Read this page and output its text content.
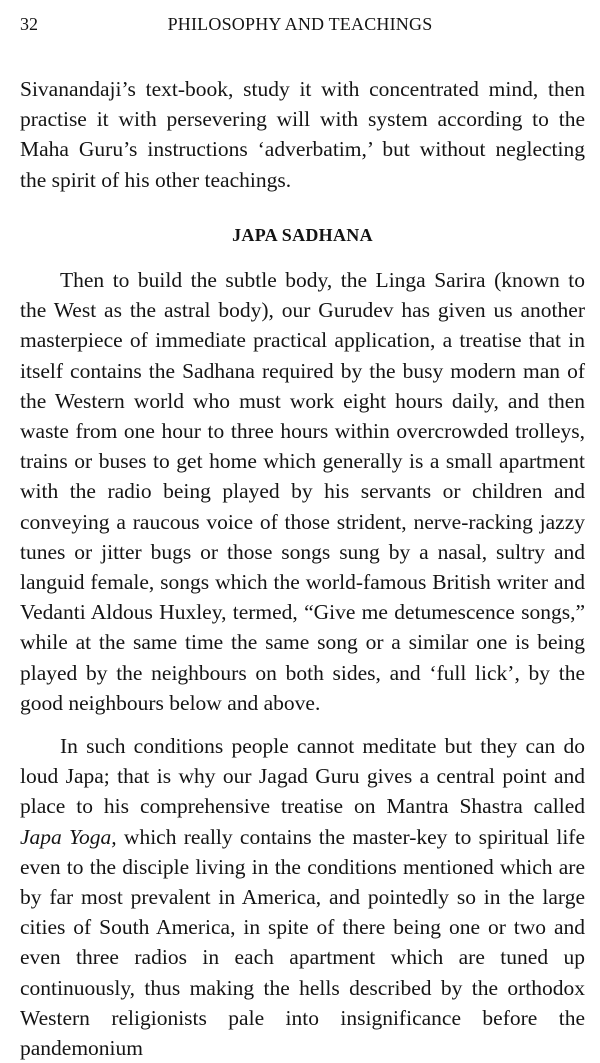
32	PHILOSOPHY AND TEACHINGS

Sivanandaji’s text-book, study it with concentrated mind, then practise it with persevering will with system according to the Maha Guru’s instructions ‘adverbatim,’ but without neglecting the spirit of his other teachings.

JAPA SADHANA

Then to build the subtle body, the Linga Sarira (known to the West as the astral body), our Gurudev has given us another masterpiece of immediate practical application, a treatise that in itself contains the Sadhana required by the busy modern man of the Western world who must work eight hours daily, and then waste from one hour to three hours within overcrowded trolleys, trains or buses to get home which generally is a small apartment with the radio being played by his servants or children and conveying a raucous voice of those strident, nerve-racking jazzy tunes or jitter bugs or those songs sung by a nasal, sultry and languid female, songs which the world-famous British writer and Vedanti Aldous Huxley, termed, “Give me detumescence songs,” while at the same time the same song or a similar one is being played by the neighbours on both sides, and ‘full lick’, by the good neighbours below and above.

In such conditions people cannot meditate but they can do loud Japa; that is why our Jagad Guru gives a central point and place to his comprehensive treatise on Mantra Shastra called Japa Yoga, which really contains the master-key to spiritual life even to the disciple living in the conditions mentioned which are by far most prevalent in America, and pointedly so in the large cities of South America, in spite of there being one or two and even three radios in each apartment which are tuned up continuously, thus making the hells described by the orthodox Western religionists pale into insignificance before the pandemonium
